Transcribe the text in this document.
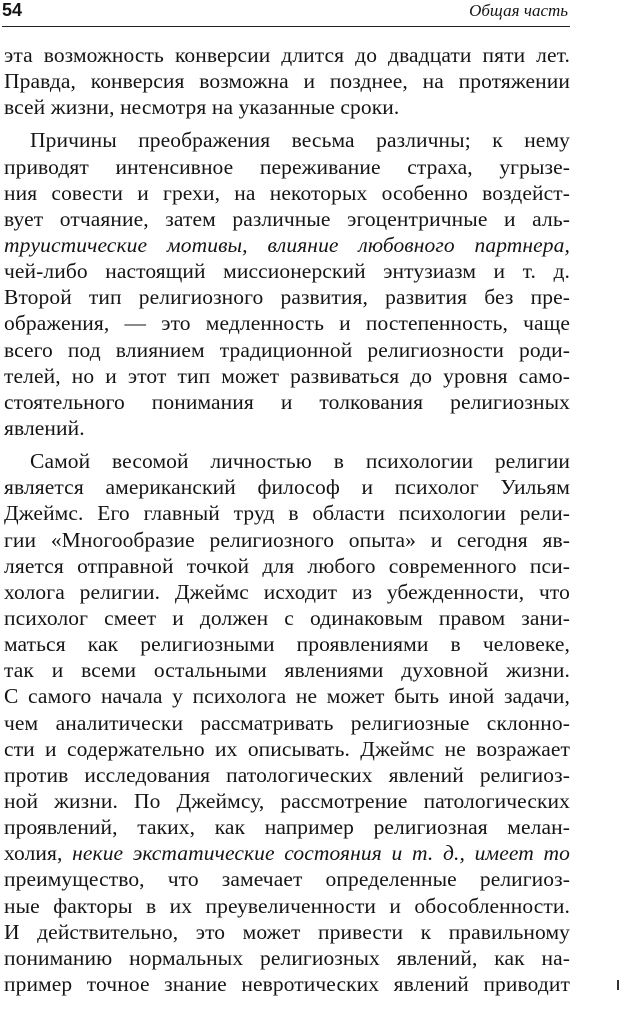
54	Общая часть
эта возможность конверсии длится до двадцати пяти лет.
Правда, конверсия возможна и позднее, на протяжении
всей жизни, несмотря на указанные сроки.
Причины преображения весьма различны; к нему
приводят интенсивное переживание страха, угрызе-
ния совести и грехи, на некоторых особенно воздейст-
вует отчаяние, затем различные эгоцентричные и аль-
трyистические мотивы, влияние любовного партнера,
чей-либо настоящий миссионерский энтузиазм и т. д.
Второй тип религиозного развития, развития без пре-
ображения, — это медленность и постепенность, чаще
всего под влиянием традиционной религиозности роди-
телей, но и этот тип может развиваться до уровня само-
стоятельного понимания и толкования религиозных
явлений.
Самой весомой личностью в психологии религии
является американский философ и психолог Уильям
Джеймс. Его главный труд в области психологии рели-
гии «Многообразие религиозного опыта» и сегодня яв-
ляется отправной точкой для любого современного пси-
холога религии. Джеймс исходит из убежденности, что
психолог смеет и должен с одинаковым правом зани-
маться как религиозными проявлениями в человеке,
так и всеми остальными явлениями духовной жизни.
С самого начала у психолога не может быть иной задачи,
чем аналитически рассматривать религиозные склонно-
сти и содержательно их описывать. Джеймс не возражает
против исследования патологических явлений религиоз-
ной жизни. По Джеймсу, рассмотрение патологических
проявлений, таких, как например религиозная мелан-
холия, некие экстатические состояния и т. д., имеет то
преимущество, что замечает определенные религиоз-
ные факторы в их преувеличенности и обособленности.
И действительно, это может привести к правильному
пониманию нормальных религиозных явлений, как на-
пример точное знание невротических явлений приводит
